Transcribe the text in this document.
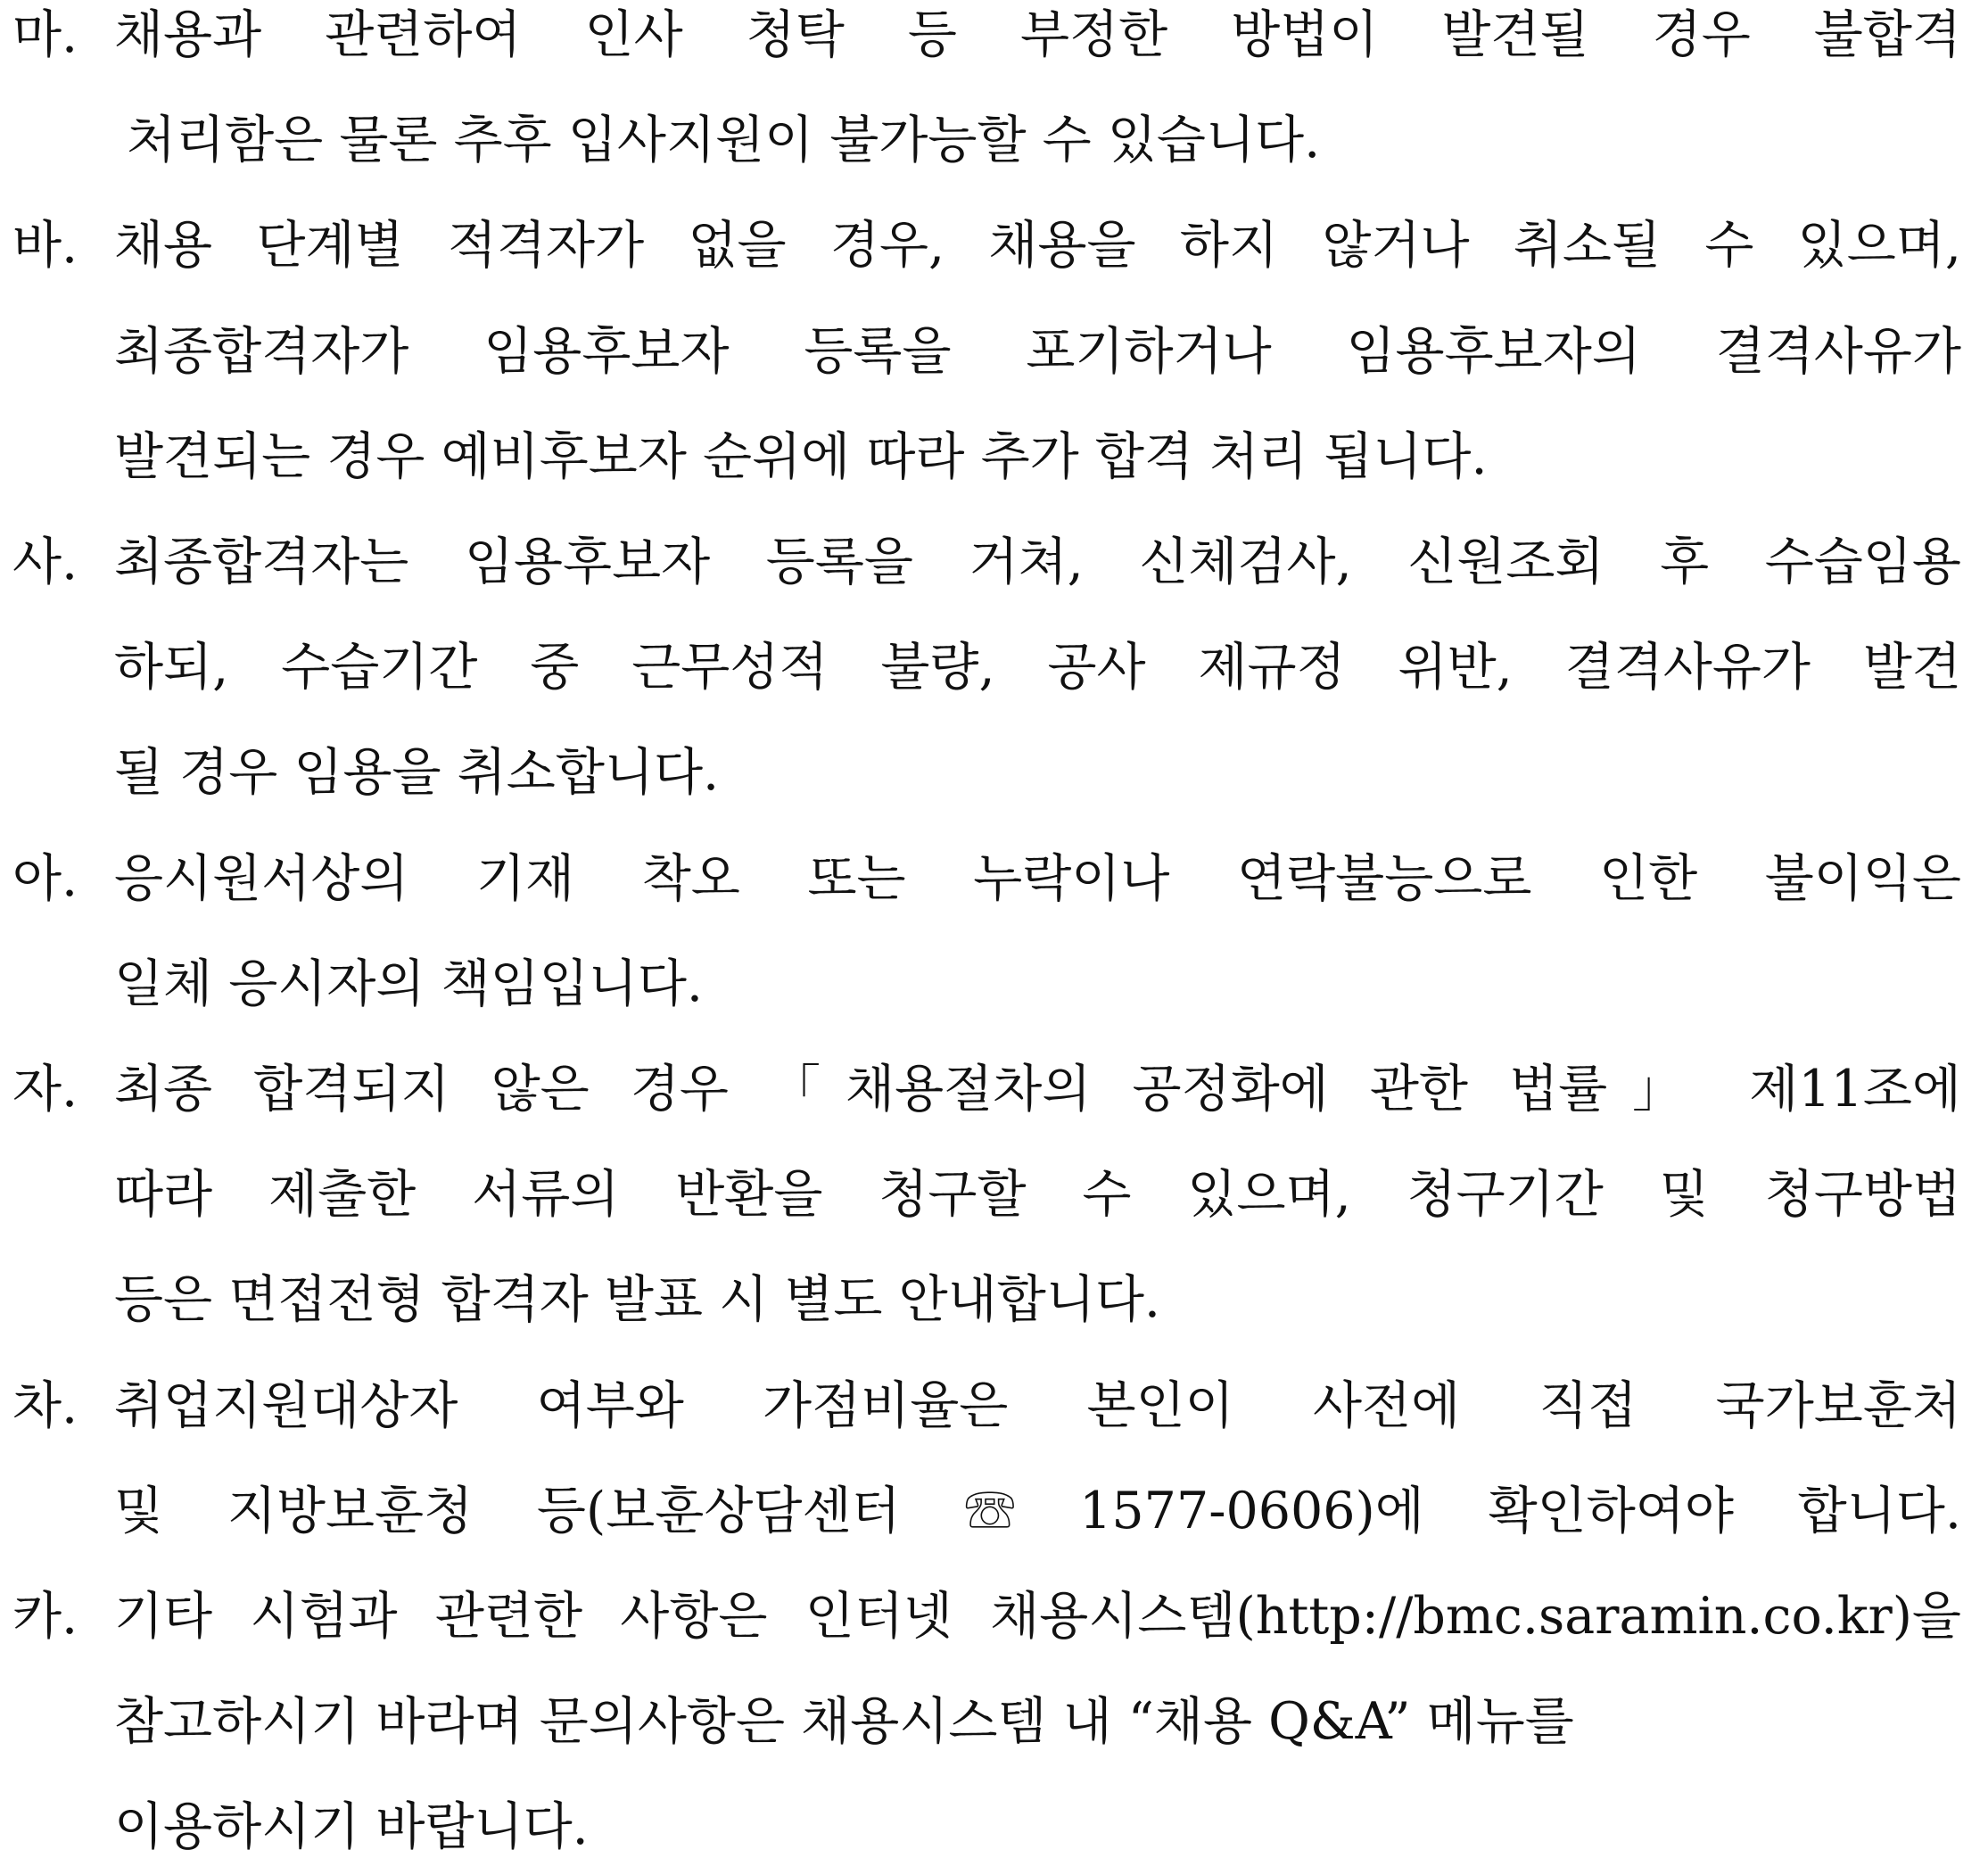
마. 채용과 관련하여 인사 청탁 등 부정한 방법이 발견될 경우 불합격
처리함은 물론 추후 입사지원이 불가능할 수 있습니다.
바. 채용 단계별 적격자가 없을 경우, 채용을 하지 않거나 취소될 수 있으며,
최종합격자가 임용후보자 등록을 포기하거나 임용후보자의 결격사유가
발견되는 경우 예비후보자 순위에 따라 추가 합격 처리 됩니다.
사. 최종합격자는 임용후보자 등록을 거쳐, 신체검사, 신원조회 후 수습임용
하되, 수습기간 중 근무성적 불량, 공사 제규정 위반, 결격사유가 발견
될 경우 임용을 취소합니다.
아. 응시원서상의 기재 착오 또는 누락이나 연락불능으로 인한 불이익은
일체 응시자의 책임입니다.
자. 최종 합격되지 않은 경우 「채용절차의 공정화에 관한 법률」 제11조에
따라 제출한 서류의 반환을 청구할 수 있으며, 청구기간 및 청구방법
등은 면접전형 합격자 발표 시 별도 안내합니다.
차. 취업지원대상자 여부와 가점비율은 본인이 사전에 직접 국가보훈처
및 지방보훈청 등(보훈상담센터 ☏ 1577-0606)에 확인하여야 합니다.
카. 기타 시험과 관련한 사항은 인터넷 채용시스템(http://bmc.saramin.co.kr)을
참고하시기 바라며 문의사항은 채용시스템 내 “채용 Q&A” 메뉴를
이용하시기 바랍니다.
